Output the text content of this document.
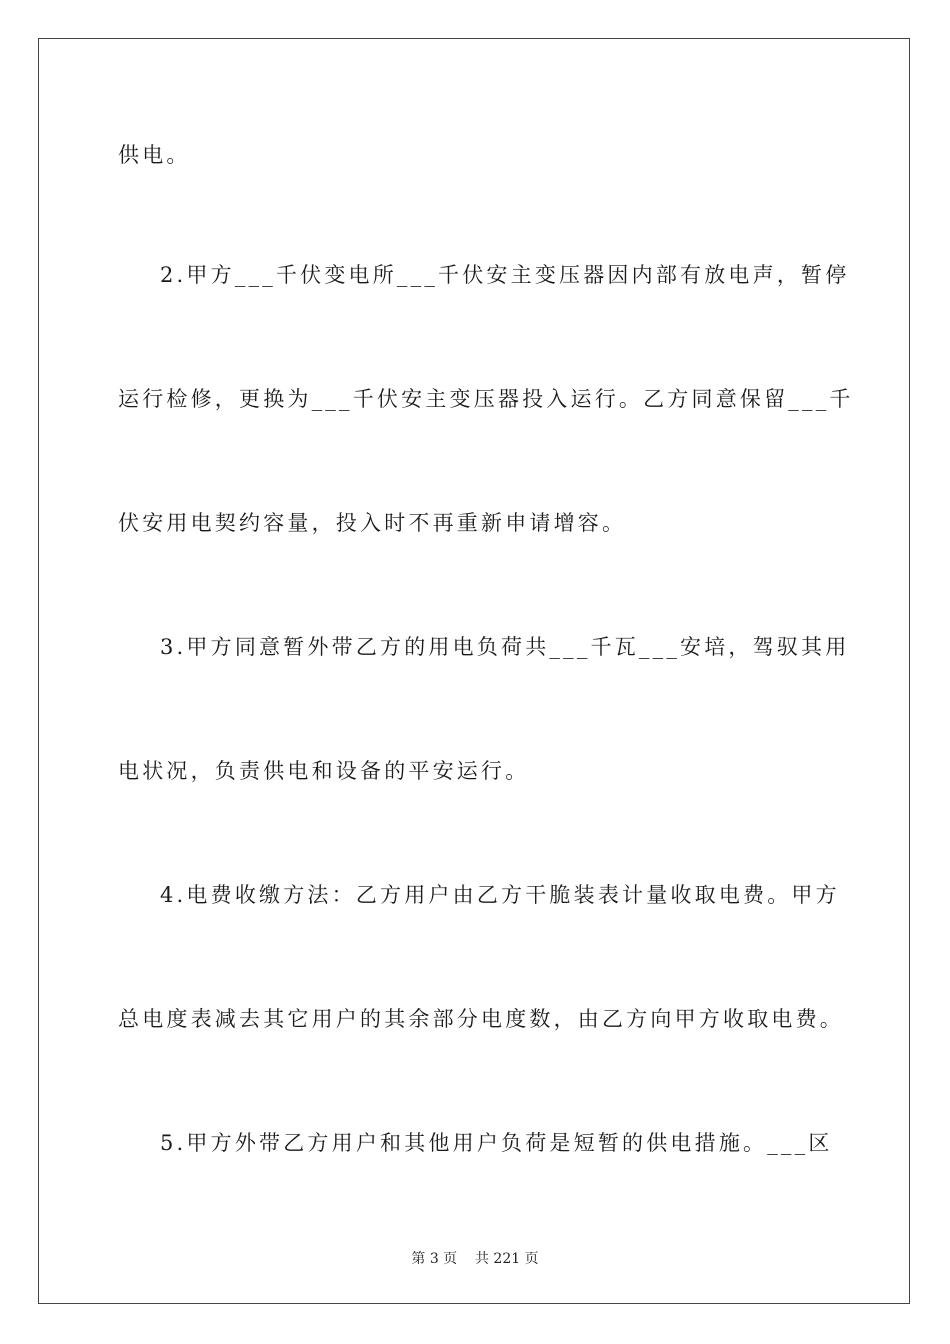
供电。
2.甲方___千伏变电所___千伏安主变压器因内部有放电声，暂停
运行检修，更换为___千伏安主变压器投入运行。乙方同意保留___千
伏安用电契约容量，投入时不再重新申请增容。
3.甲方同意暂外带乙方的用电负荷共___千瓦___安培，驾驭其用
电状况，负责供电和设备的平安运行。
4.电费收缴方法：乙方用户由乙方干脆装表计量收取电费。甲方
总电度表减去其它用户的其余部分电度数，由乙方向甲方收取电费。
5.甲方外带乙方用户和其他用户负荷是短暂的供电措施。___区
第 3 页    共 221 页
